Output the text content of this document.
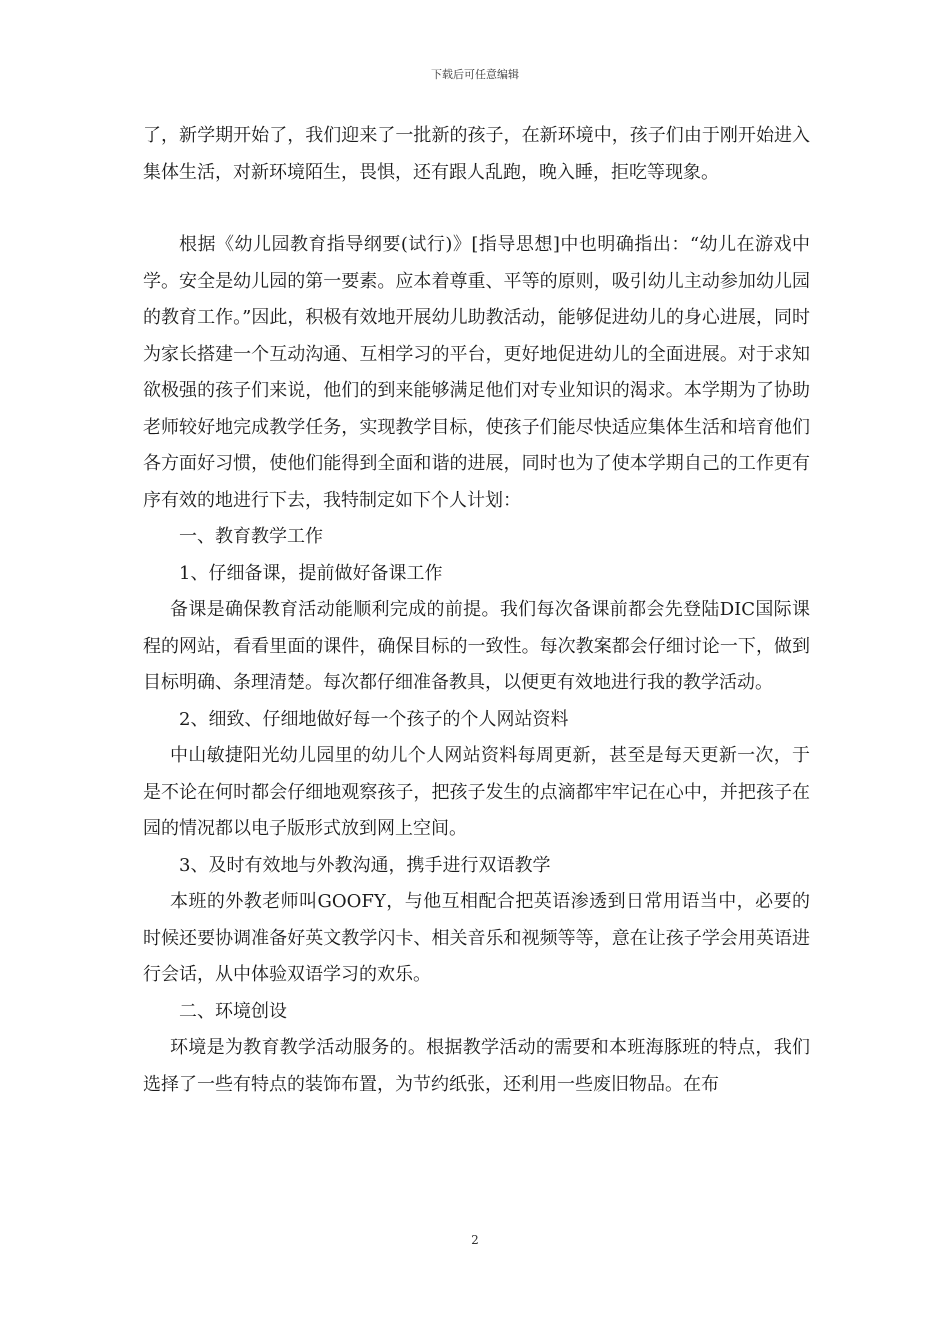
下载后可任意编辑

了，新学期开始了，我们迎来了一批新的孩子，在新环境中，孩子们由于刚开始进入集体生活，对新环境陌生，畏惧，还有跟人乱跑，晚入睡，拒吃等现象。

根据《幼儿园教育指导纲要(试行)》[指导思想]中也明确指出：“幼儿在游戏中学。安全是幼儿园的第一要素。应本着尊重、平等的原则，吸引幼儿主动参加幼儿园的教育工作。”因此，积极有效地开展幼儿助教活动，能够促进幼儿的身心进展，同时为家长搭建一个互动沟通、互相学习的平台，更好地促进幼儿的全面进展。对于求知欲极强的孩子们来说，他们的到来能够满足他们对专业知识的渴求。本学期为了协助老师较好地完成教学任务，实现教学目标，使孩子们能尽快适应集体生活和培育他们各方面好习惯，使他们能得到全面和谐的进展，同时也为了使本学期自己的工作更有序有效的地进行下去，我特制定如下个人计划：

一、教育教学工作

1、仔细备课，提前做好备课工作

备课是确保教育活动能顺利完成的前提。我们每次备课前都会先登陆DIC国际课程的网站，看看里面的课件，确保目标的一致性。每次教案都会仔细讨论一下，做到目标明确、条理清楚。每次都仔细准备教具，以便更有效地进行我的教学活动。

2、细致、仔细地做好每一个孩子的个人网站资料

中山敏捷阳光幼儿园里的幼儿个人网站资料每周更新，甚至是每天更新一次，于是不论在何时都会仔细地观察孩子，把孩子发生的点滴都牢牢记在心中，并把孩子在园的情况都以电子版形式放到网上空间。

3、及时有效地与外教沟通，携手进行双语教学

本班的外教老师叫GOOFY，与他互相配合把英语渗透到日常用语当中，必要的时候还要协调准备好英文教学闪卡、相关音乐和视频等等，意在让孩子学会用英语进行会话，从中体验双语学习的欢乐。

二、环境创设

环境是为教育教学活动服务的。根据教学活动的需要和本班海豚班的特点，我们选择了一些有特点的装饰布置，为节约纸张，还利用一些废旧物品。在布

2
